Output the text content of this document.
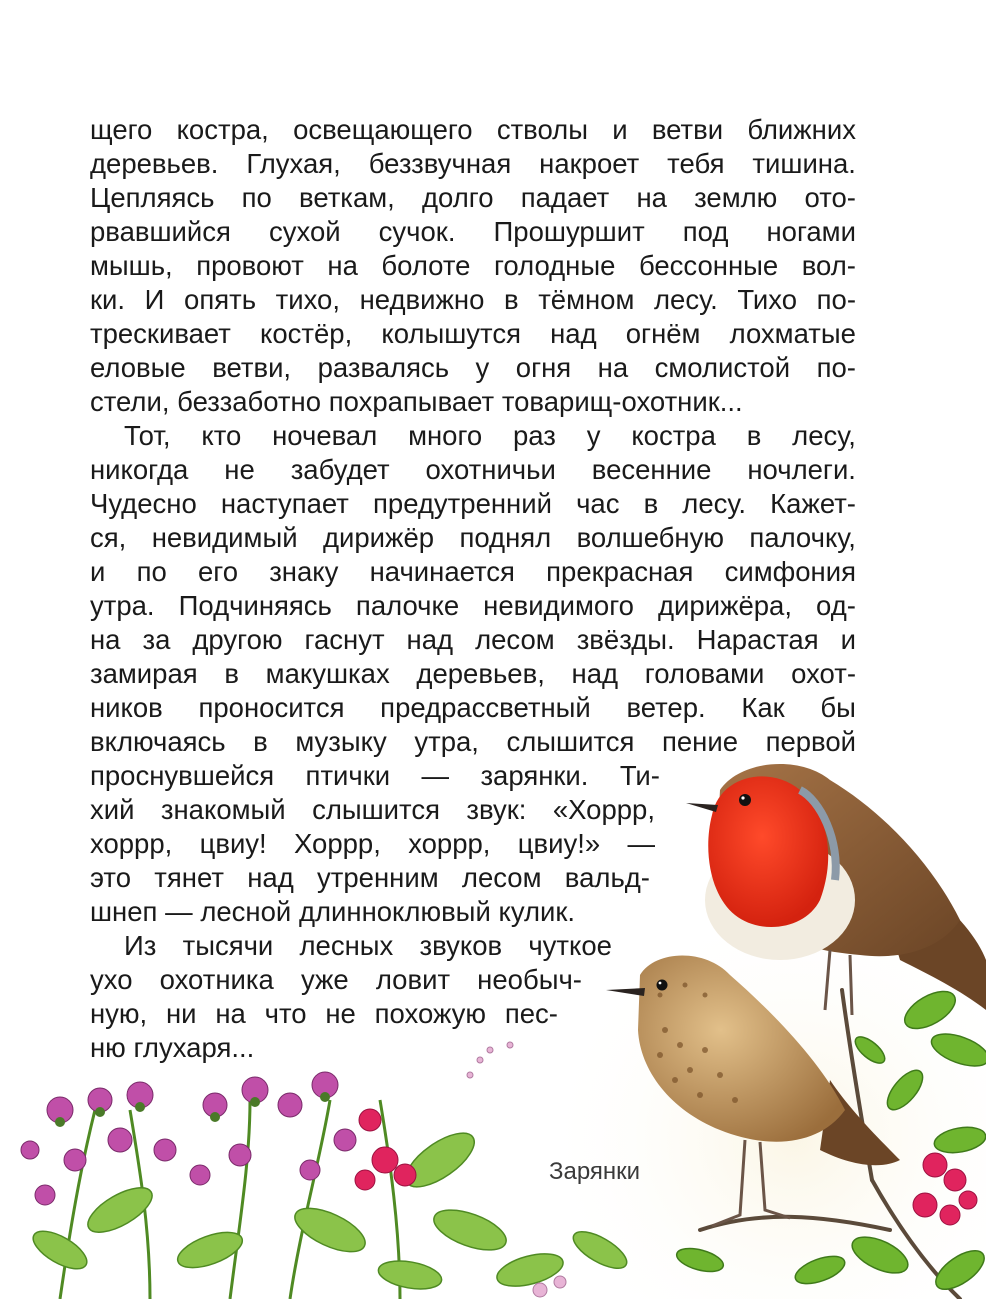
щего костра, освещающего стволы и ветви ближних
деревьев. Глухая, беззвучная накроет тебя тишина.
Цепляясь по веткам, долго падает на землю ото-
рвавшийся сухой сучок. Прошуршит под ногами
мышь, провоют на болоте голодные бессонные вол-
ки. И опять тихо, недвижно в тёмном лесу. Тихо по-
трескивает костёр, колышутся над огнём лохматые
еловые ветви, развалясь у огня на смолистой по-
стели, беззаботно похрапывает товарищ-охотник...
Тот, кто ночевал много раз у костра в лесу,
никогда не забудет охотничьи весенние ночлеги.
Чудесно наступает предутренний час в лесу. Кажет-
ся, невидимый дирижёр поднял волшебную палочку,
и по его знаку начинается прекрасная симфония
утра. Подчиняясь палочке невидимого дирижёра, од-
на за другою гаснут над лесом звёзды. Нарастая и
замирая в макушках деревьев, над головами охот-
ников проносится предрассветный ветер. Как бы
включаясь в музыку утра, слышится пение первой
проснувшейся птички — зарянки. Ти-
хий знакомый слышится звук: «Хоррр,
хоррр, цвиу! Хоррр, хоррр, цвиу!» —
это тянет над утренним лесом вальд-
шнеп — лесной длинноклювый кулик.
Из тысячи лесных звуков чуткое
ухо охотника уже ловит необыч-
ную, ни на что не похожую пес-
ню глухаря...
Зарянки
